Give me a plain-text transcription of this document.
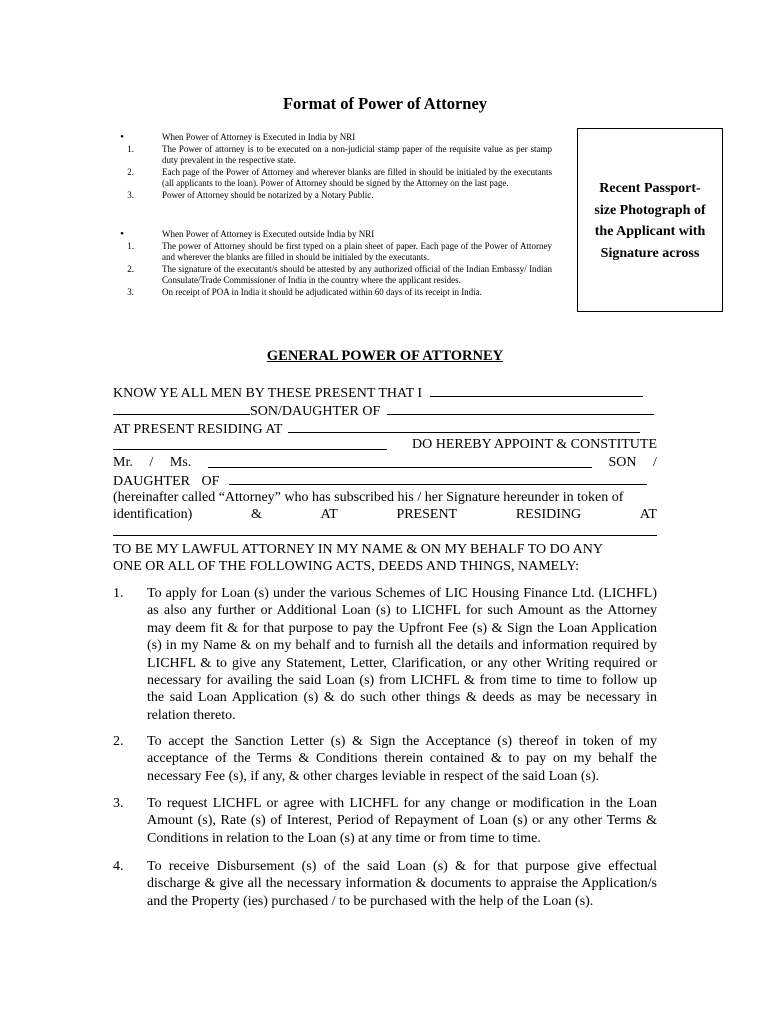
Format of Power of Attorney
•	When Power of Attorney is Executed in India by NRI
1.	The Power of attorney is to be executed on a non-judicial stamp paper of the requisite value as per stamp duty prevalent in the respective state.
2.	Each page of the Power of Attorney and wherever blanks are filled in should be initialed by the executants (all applicants to the loan). Power of Attorney should be signed by the Attorney on the last page.
3.	Power of Attorney should be notarized by a Notary Public.
•	When Power of Attorney is Executed outside India by NRI
1.	The power of Attorney should be first typed on a plain sheet of paper. Each page of the Power of Attorney and wherever the blanks are filled in should be initialed by the executants.
2.	The signature of the executant/s should be attested by any authorized official of the Indian Embassy/ Indian Consulate/Trade Commissioner of India in the country where the applicant resides.
3.	On receipt of POA in India it should be adjudicated within 60 days of its receipt in India.
Recent Passport-
size Photograph of
the Applicant with
Signature across
GENERAL POWER OF ATTORNEY
KNOW YE ALL MEN BY THESE PRESENT THAT I
SON/DAUGHTER OF
AT PRESENT RESIDING AT
DO HEREBY APPOINT & CONSTITUTE
Mr. / Ms.	SON /
DAUGHTER OF
(hereinafter called “Attorney” who has subscribed his / her Signature hereunder in token of
identification)	&	AT	PRESENT	RESIDING	AT
TO BE MY LAWFUL ATTORNEY IN MY NAME & ON MY BEHALF TO DO ANY
ONE OR ALL OF THE FOLLOWING ACTS, DEEDS AND THINGS, NAMELY:
1. To apply for Loan (s) under the various Schemes of LIC Housing Finance Ltd. (LICHFL) as also any further or Additional Loan (s) to LICHFL for such Amount as the Attorney may deem fit & for that purpose to pay the Upfront Fee (s) & Sign the Loan Application (s) in my Name & on my behalf and to furnish all the details and information required by LICHFL & to give any Statement, Letter, Clarification, or any other Writing required or necessary for availing the said Loan (s) from LICHFL & from time to time to follow up the said Loan Application (s) & do such other things & deeds as may be necessary in relation thereto.
2. To accept the Sanction Letter (s) & Sign the Acceptance (s) thereof in token of my acceptance of the Terms & Conditions therein contained & to pay on my behalf the necessary Fee (s), if any, & other charges leviable in respect of the said Loan (s).
3. To request LICHFL or agree with LICHFL for any change or modification in the Loan Amount (s), Rate (s) of Interest, Period of Repayment of Loan (s) or any other Terms & Conditions in relation to the Loan (s) at any time or from time to time.
4. To receive Disbursement (s) of the said Loan (s) & for that purpose give effectual discharge & give all the necessary information & documents to appraise the Application/s and the Property (ies) purchased / to be purchased with the help of the Loan (s).
